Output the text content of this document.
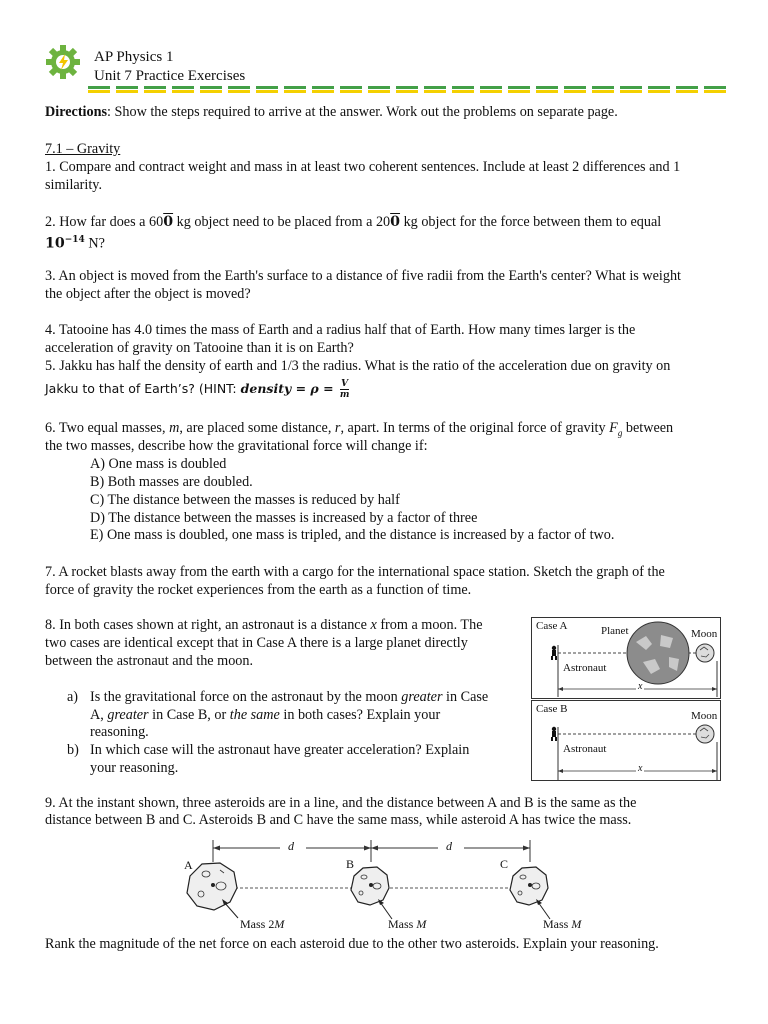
AP Physics 1
Unit 7 Practice Exercises
Directions: Show the steps required to arrive at the answer. Work out the problems on separate page.
7.1 – Gravity
1. Compare and contract weight and mass in at least two coherent sentences. Include at least 2 differences and 1
similarity.
2. How far does a 600 kg object need to be placed from a 200 kg object for the force between them to equal
$10^{-14}$ N?
3. An object is moved from the Earth's surface to a distance of five radii from the Earth's center? What is weight
the object after the object is moved?
4. Tatooine has 4.0 times the mass of Earth and a radius half that of Earth. How many times larger is the
acceleration of gravity on Tatooine than it is on Earth?
5. Jakku has half the density of earth and 1/3 the radius. What is the ratio of the acceleration due on gravity on
Jakku to that of Earth’s? (HINT: density = $\rho = \frac{V}{m}$
6. Two equal masses, m, are placed some distance, r, apart. In terms of the original force of gravity $F_g$ between
the two masses, describe how the gravitational force will change if:
A) One mass is doubled
B) Both masses are doubled.
C) The distance between the masses is reduced by half
D) The distance between the masses is increased by a factor of three
E) One mass is doubled, one mass is tripled, and the distance is increased by a factor of two.
7. A rocket blasts away from the earth with a cargo for the international space station. Sketch the graph of the
force of gravity the rocket experiences from the earth as a function of time.
8. In both cases shown at right, an astronaut is a distance x from a moon. The
two cases are identical except that in Case A there is a large planet directly
between the astronaut and the moon.
a) Is the gravitational force on the astronaut by the moon greater in Case
A, greater in Case B, or the same in both cases? Explain your
reasoning.
b) In which case will the astronaut have greater acceleration? Explain
your reasoning.
Case A	Planet	Moon
Astronaut
x
Case B
Moon
Astronaut
x
9. At the instant shown, three asteroids are in a line, and the distance between A and B is the same as the
distance between B and C. Asteroids B and C have the same mass, while asteroid A has twice the mass.
d	d
A	B	C
Mass 2M	Mass M	Mass M
Rank the magnitude of the net force on each asteroid due to the other two asteroids. Explain your reasoning.
